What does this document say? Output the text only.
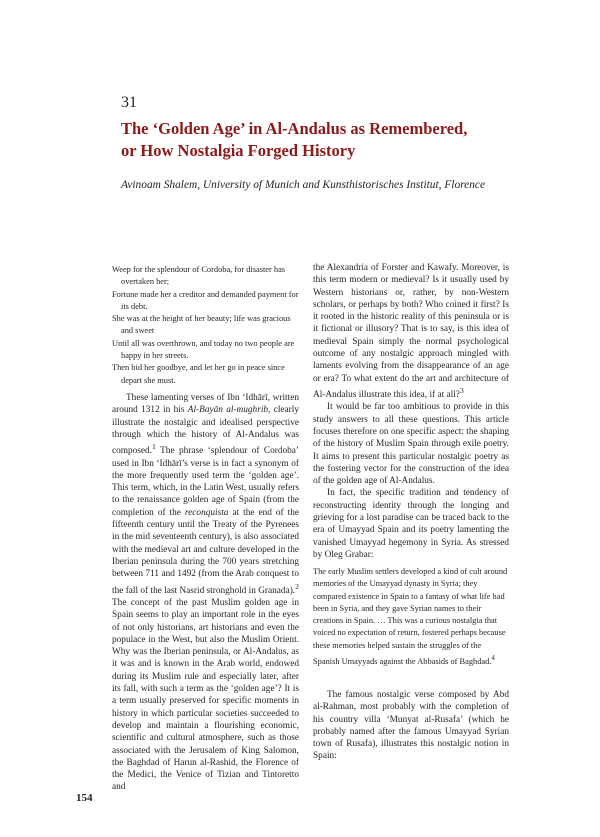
31
The ‘Golden Age’ in Al-Andalus as Remembered,
or How Nostalgia Forged History
Avinoam Shalem, University of Munich and Kunsthistorisches Institut, Florence
Weep for the splendour of Cordoba, for disaster has overtaken her;
Fortune made her a creditor and demanded payment for its debt.
She was at the height of her beauty; life was gracious and sweet
Until all was overthrown, and today no two people are happy in her streets.
Then bid her goodbye, and let her go in peace since depart she must.

These lamenting verses of Ibn ‘Idhārī, written around 1312 in his Al-Bayān al-mughrib, clearly illustrate the nostalgic and idealised perspective through which the history of Al-Andalus was composed.$^1$ The phrase ‘splendour of Cordoba’ used in Ibn ‘Idhārī’s verse is in fact a synonym of the more frequently used term the ‘golden age’. This term, which, in the Latin West, usually refers to the renaissance golden age of Spain (from the completion of the reconquista at the end of the fifteenth century until the Treaty of the Pyrenees in the mid seventeenth century), is also associated with the medieval art and culture developed in the Iberian peninsula during the 700 years stretching between 711 and 1492 (from the Arab conquest to the fall of the last Nasrid stronghold in Granada).$^2$ The concept of the past Muslim golden age in Spain seems to play an important role in the eyes of not only historians, art historians and even the populace in the West, but also the Muslim Orient. Why was the Iberian peninsula, or Al-Andalus, as it was and is known in the Arab world, endowed during its Muslim rule and especially later, after its fall, with such a term as the ‘golden age’? It is a term usually preserved for specific moments in history in which particular societies succeeded to develop and maintain a flourishing economic, scientific and cultural atmosphere, such as those associated with the Jerusalem of King Salomon, the Baghdad of Harun al-Rashid, the Florence of the Medici, the Venice of Tizian and Tintoretto and

the Alexandria of Forster and Kawafy. Moreover, is this term modern or medieval? Is it usually used by Western historians or, rather, by non-Western scholars, or perhaps by both? Who coined it first? Is it rooted in the historic reality of this peninsula or is it fictional or illusory? That is to say, is this idea of medieval Spain simply the normal psychological outcome of any nostalgic approach mingled with laments evolving from the disappearance of an age or era? To what extent do the art and architecture of Al-Andalus illustrate this idea, if at all?$^3$

It would be far too ambitious to provide in this study answers to all these questions. This article focuses therefore on one specific aspect: the shaping of the history of Muslim Spain through exile poetry. It aims to present this particular nostalgic poetry as the fostering vector for the construction of the idea of the golden age of Al-Andalus.

In fact, the specific tradition and tendency of reconstructing identity through the longing and grieving for a lost paradise can be traced back to the era of Umayyad Spain and its poetry lamenting the vanished Umayyad hegemony in Syria. As stressed by Oleg Grabar:

The early Muslim settlers developed a kind of cult around memories of the Umayyad dynasty in Syria; they compared existence in Spain to a fantasy of what life had been in Syria, and they gave Syrian names to their creations in Spain. … This was a curious nostalgia that voiced no expectation of return, fostered perhaps because these memories helped sustain the struggles of the Spanish Umayyads against the Abbasids of Baghdad.$^4$

The famous nostalgic verse composed by Abd al-Rahman, most probably with the completion of his country villa ‘Munyat al-Rusafa’ (which he probably named after the famous Umayyad Syrian town of Rusafa), illustrates this nostalgic notion in Spain:

154
